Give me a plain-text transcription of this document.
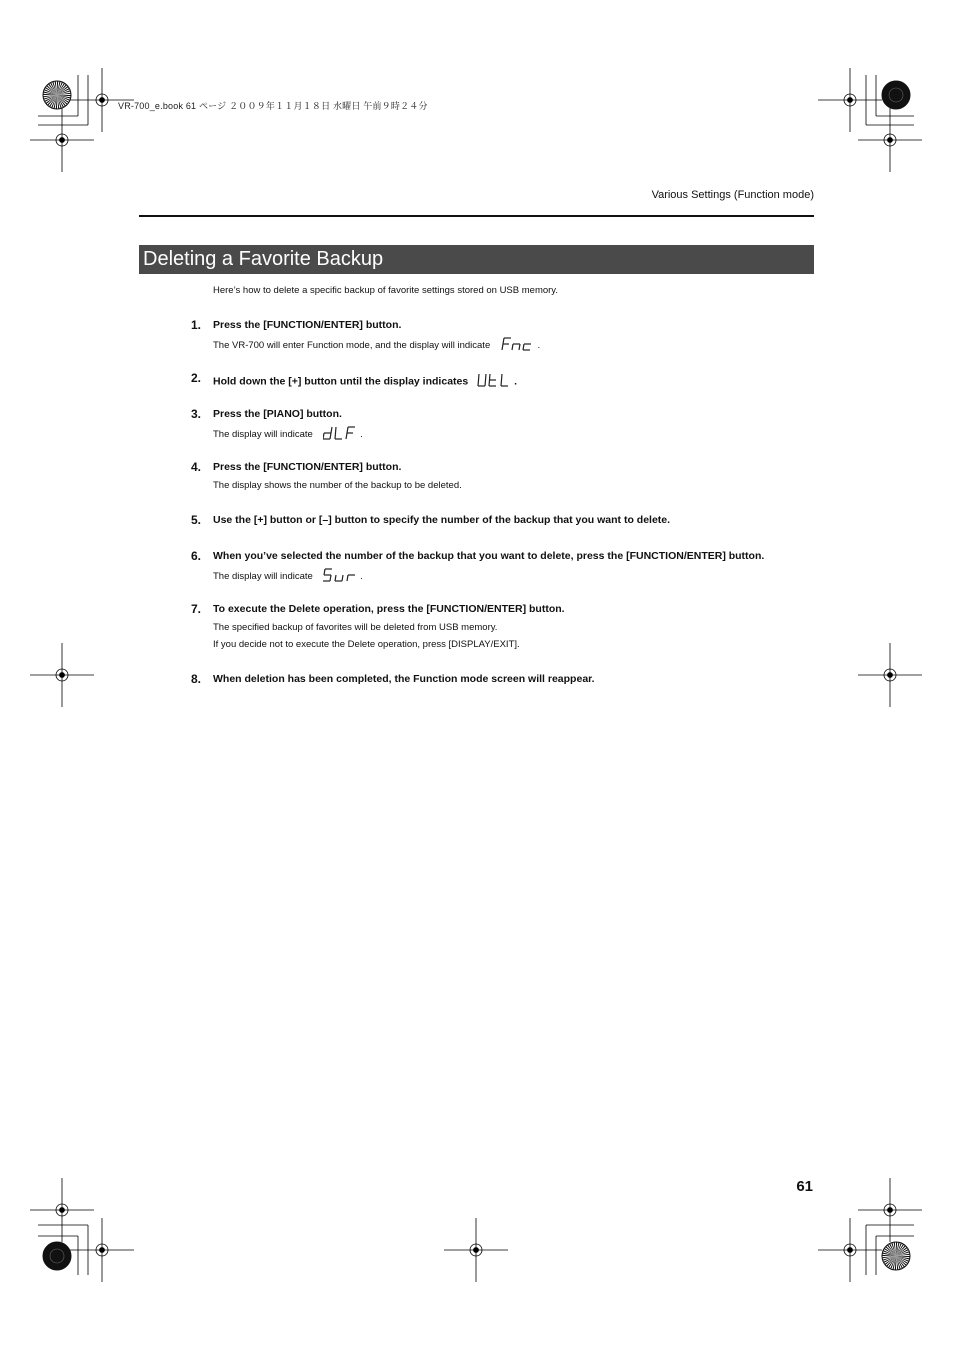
VR-700_e.book 61 ページ ２００９年１１月１８日 水曜日 午前９時２４分
Various Settings (Function mode)
Deleting a Favorite Backup
Here’s how to delete a specific backup of favorite settings stored on USB memory.
1. Press the [FUNCTION/ENTER] button.
The VR-700 will enter Function mode, and the display will indicate	.
2. Hold down the [+] button until the display indicates	.
3. Press the [PIANO] button.
The display will indicate	.
4. Press the [FUNCTION/ENTER] button.
The display shows the number of the backup to be deleted.
5. Use the [+] button or [–] button to specify the number of the backup that you want to delete.
6. When you’ve selected the number of the backup that you want to delete, press the [FUNCTION/ENTER] button.
The display will indicate	.
7. To execute the Delete operation, press the [FUNCTION/ENTER] button.
The specified backup of favorites will be deleted from USB memory.
If you decide not to execute the Delete operation, press [DISPLAY/EXIT].
8. When deletion has been completed, the Function mode screen will reappear.
61
